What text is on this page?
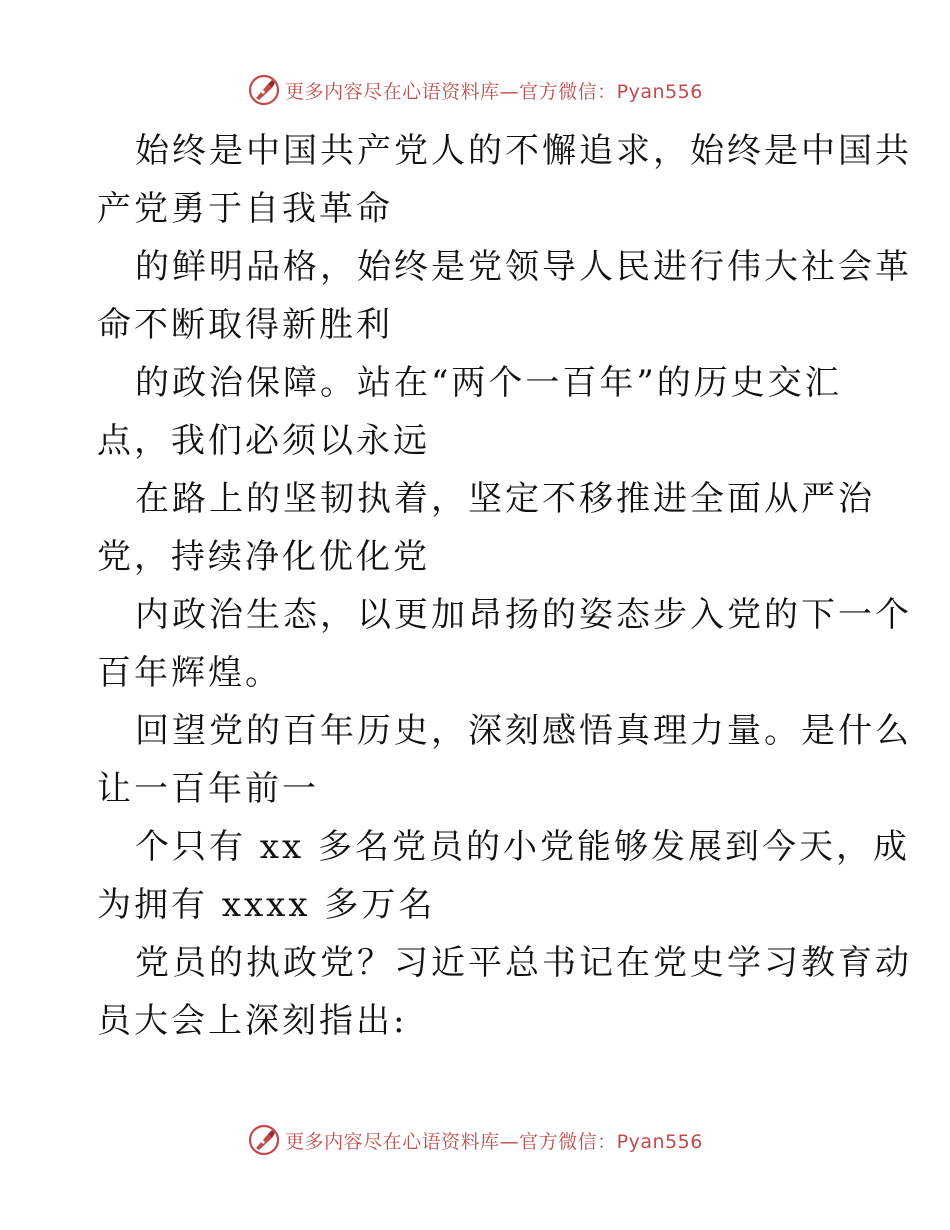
更多内容尽在心语资料库—官方微信：Pyan556
始终是中国共产党人的不懈追求，始终是中国共
产党勇于自我革命
的鲜明品格，始终是党领导人民进行伟大社会革
命不断取得新胜利
的政治保障。站在“两个一百年”的历史交汇
点，我们必须以永远
在路上的坚韧执着，坚定不移推进全面从严治
党，持续净化优化党
内政治生态，以更加昂扬的姿态步入党的下一个
百年辉煌。
回望党的百年历史，深刻感悟真理力量。是什么
让一百年前一
个只有 xx 多名党员的小党能够发展到今天，成
为拥有 xxxx 多万名
党员的执政党？习近平总书记在党史学习教育动
员大会上深刻指出:
更多内容尽在心语资料库—官方微信：Pyan556
